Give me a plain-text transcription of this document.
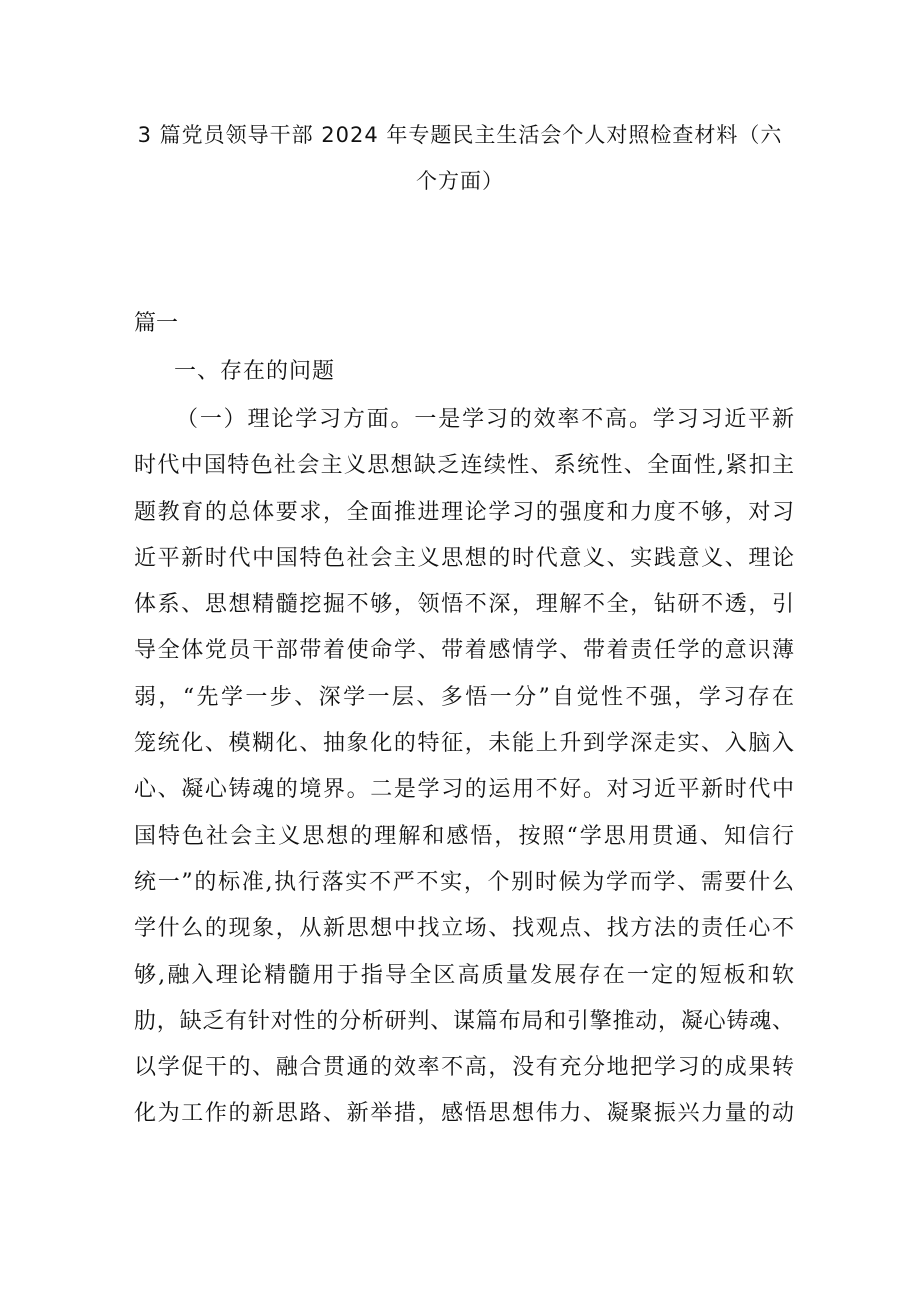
3 篇党员领导干部 2024 年专题民主生活会个人对照检查材料（六
个方面）
篇一
一、存在的问题
（一）理论学习方面。一是学习的效率不高。学习习近平新
时代中国特色社会主义思想缺乏连续性、系统性、全面性,紧扣主
题教育的总体要求，全面推进理论学习的强度和力度不够，对习
近平新时代中国特色社会主义思想的时代意义、实践意义、理论
体系、思想精髓挖掘不够，领悟不深，理解不全，钻研不透，引
导全体党员干部带着使命学、带着感情学、带着责任学的意识薄
弱，“先学一步、深学一层、多悟一分”自觉性不强，学习存在
笼统化、模糊化、抽象化的特征，未能上升到学深走实、入脑入
心、凝心铸魂的境界。二是学习的运用不好。对习近平新时代中
国特色社会主义思想的理解和感悟，按照“学思用贯通、知信行
统一”的标准,执行落实不严不实，个别时候为学而学、需要什么
学什么的现象，从新思想中找立场、找观点、找方法的责任心不
够,融入理论精髓用于指导全区高质量发展存在一定的短板和软
肋，缺乏有针对性的分析研判、谋篇布局和引擎推动，凝心铸魂、
以学促干的、融合贯通的效率不高，没有充分地把学习的成果转
化为工作的新思路、新举措，感悟思想伟力、凝聚振兴力量的动
